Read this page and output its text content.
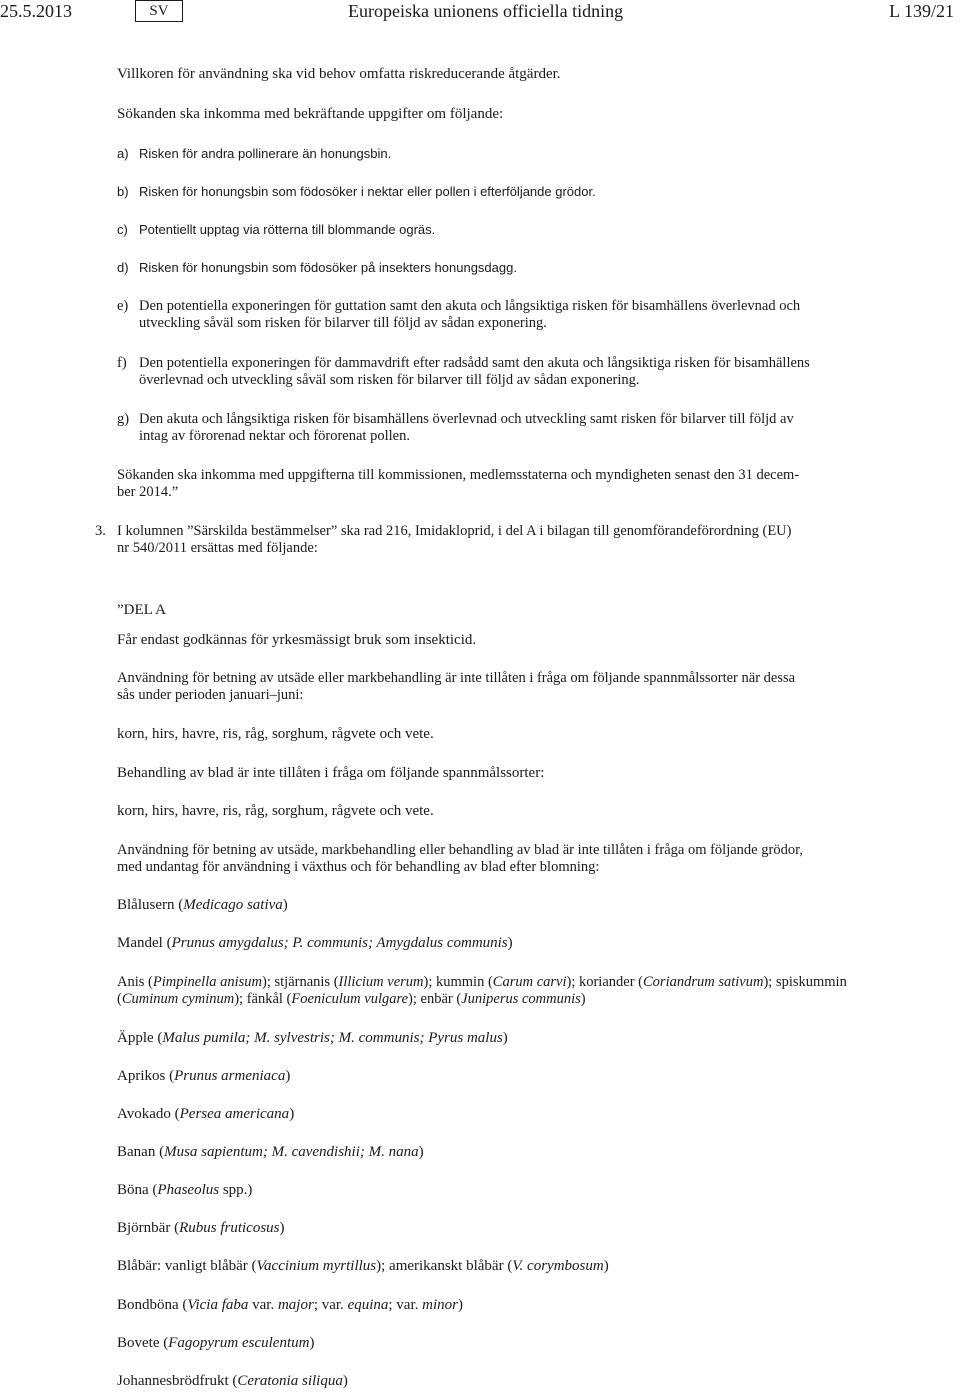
25.5.2013	SV	Europeiska unionens officiella tidning	L 139/21

Villkoren för användning ska vid behov omfatta riskreducerande åtgärder.

Sökanden ska inkomma med bekräftande uppgifter om följande:

a) Risken för andra pollinerare än honungsbin.
b) Risken för honungsbin som födosöker i nektar eller pollen i efterföljande grödor.
c) Potentiellt upptag via rötterna till blommande ogräs.
d) Risken för honungsbin som födosöker på insekters honungsdagg.
e) Den potentiella exponeringen för guttation samt den akuta och långsiktiga risken för bisamhällens överlevnad och
utveckling såväl som risken för bilarver till följd av sådan exponering.
f) Den potentiella exponeringen för dammavdrift efter radsådd samt den akuta och långsiktiga risken för bisamhällens
överlevnad och utveckling såväl som risken för bilarver till följd av sådan exponering.
g) Den akuta och långsiktiga risken för bisamhällens överlevnad och utveckling samt risken för bilarver till följd av
intag av förorenad nektar och förorenat pollen.

Sökanden ska inkomma med uppgifterna till kommissionen, medlemsstaterna och myndigheten senast den 31 decem-

ber 2014.”

3. I kolumnen ”Särskilda bestämmelser” ska rad 216, Imidakloprid, i del A i bilagan till genomförandeförordning (EU)
nr 540/2011 ersättas med följande:

”DEL A

Får endast godkännas för yrkesmässigt bruk som insekticid.

Användning för betning av utsäde eller markbehandling är inte tillåten i fråga om följande spannmålssorter när dessa

sås under perioden januari–juni:

korn, hirs, havre, ris, råg, sorghum, rågvete och vete.

Behandling av blad är inte tillåten i fråga om följande spannmålssorter:

korn, hirs, havre, ris, råg, sorghum, rågvete och vete.

Användning för betning av utsäde, markbehandling eller behandling av blad är inte tillåten i fråga om följande grödor,

med undantag för användning i växthus och för behandling av blad efter blomning:

Blålusern (Medicago sativa)

Mandel (Prunus amygdalus; P. communis; Amygdalus communis)

Anis (Pimpinella anisum); stjärnanis (Illicium verum); kummin (Carum carvi); koriander (Coriandrum sativum); spiskummin

(Cuminum cyminum); fänkål (Foeniculum vulgare); enbär (Juniperus communis)

Äpple (Malus pumila; M. sylvestris; M. communis; Pyrus malus)

Aprikos (Prunus armeniaca)

Avokado (Persea americana)

Banan (Musa sapientum; M. cavendishii; M. nana)

Böna (Phaseolus spp.)

Björnbär (Rubus fruticosus)

Blåbär: vanligt blåbär (Vaccinium myrtillus); amerikanskt blåbär (V. corymbosum)

Bondböna (Vicia faba var. major; var. equina; var. minor)

Bovete (Fagopyrum esculentum)

Johannesbrödfrukt (Ceratonia siliqua)
